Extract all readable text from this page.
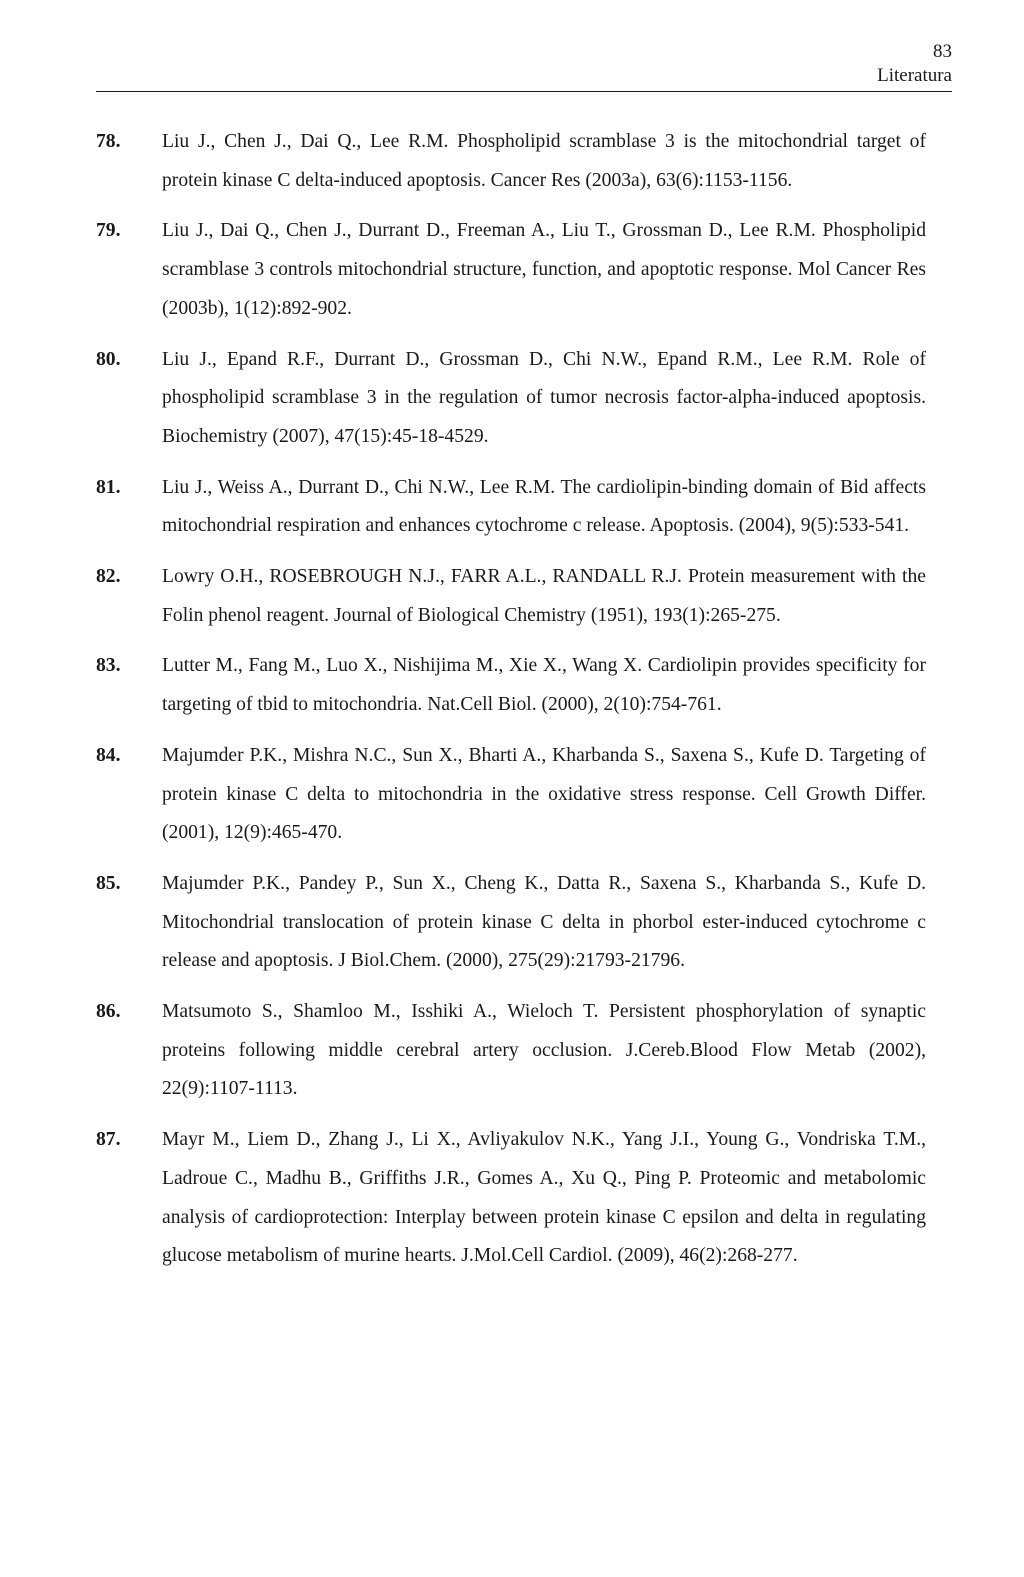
83
Literatura
78.	Liu J., Chen J., Dai Q., Lee R.M. Phospholipid scramblase 3 is the mitochondrial target of protein kinase C delta-induced apoptosis. Cancer Res (2003a), 63(6):1153-1156.
79.	Liu J., Dai Q., Chen J., Durrant D., Freeman A., Liu T., Grossman D., Lee R.M. Phospholipid scramblase 3 controls mitochondrial structure, function, and apoptotic response. Mol Cancer Res (2003b), 1(12):892-902.
80.	Liu J., Epand R.F., Durrant D., Grossman D., Chi N.W., Epand R.M., Lee R.M. Role of phospholipid scramblase 3 in the regulation of tumor necrosis factor-alpha-induced apoptosis. Biochemistry (2007), 47(15):45-18-4529.
81.	Liu J., Weiss A., Durrant D., Chi N.W., Lee R.M. The cardiolipin-binding domain of Bid affects mitochondrial respiration and enhances cytochrome c release. Apoptosis. (2004), 9(5):533-541.
82.	Lowry O.H., ROSEBROUGH N.J., FARR A.L., RANDALL R.J. Protein measurement with the Folin phenol reagent. Journal of Biological Chemistry (1951), 193(1):265-275.
83.	Lutter M., Fang M., Luo X., Nishijima M., Xie X., Wang X. Cardiolipin provides specificity for targeting of tbid to mitochondria. Nat.Cell Biol. (2000), 2(10):754-761.
84.	Majumder P.K., Mishra N.C., Sun X., Bharti A., Kharbanda S., Saxena S., Kufe D. Targeting of protein kinase C delta to mitochondria in the oxidative stress response. Cell Growth Differ. (2001), 12(9):465-470.
85.	Majumder P.K., Pandey P., Sun X., Cheng K., Datta R., Saxena S., Kharbanda S., Kufe D. Mitochondrial translocation of protein kinase C delta in phorbol ester-induced cytochrome c release and apoptosis. J Biol.Chem. (2000), 275(29):21793-21796.
86.	Matsumoto S., Shamloo M., Isshiki A., Wieloch T. Persistent phosphorylation of synaptic proteins following middle cerebral artery occlusion. J.Cereb.Blood Flow Metab (2002), 22(9):1107-1113.
87.	Mayr M., Liem D., Zhang J., Li X., Avliyakulov N.K., Yang J.I., Young G., Vondriska T.M., Ladroue C., Madhu B., Griffiths J.R., Gomes A., Xu Q., Ping P. Proteomic and metabolomic analysis of cardioprotection: Interplay between protein kinase C epsilon and delta in regulating glucose metabolism of murine hearts. J.Mol.Cell Cardiol. (2009), 46(2):268-277.
